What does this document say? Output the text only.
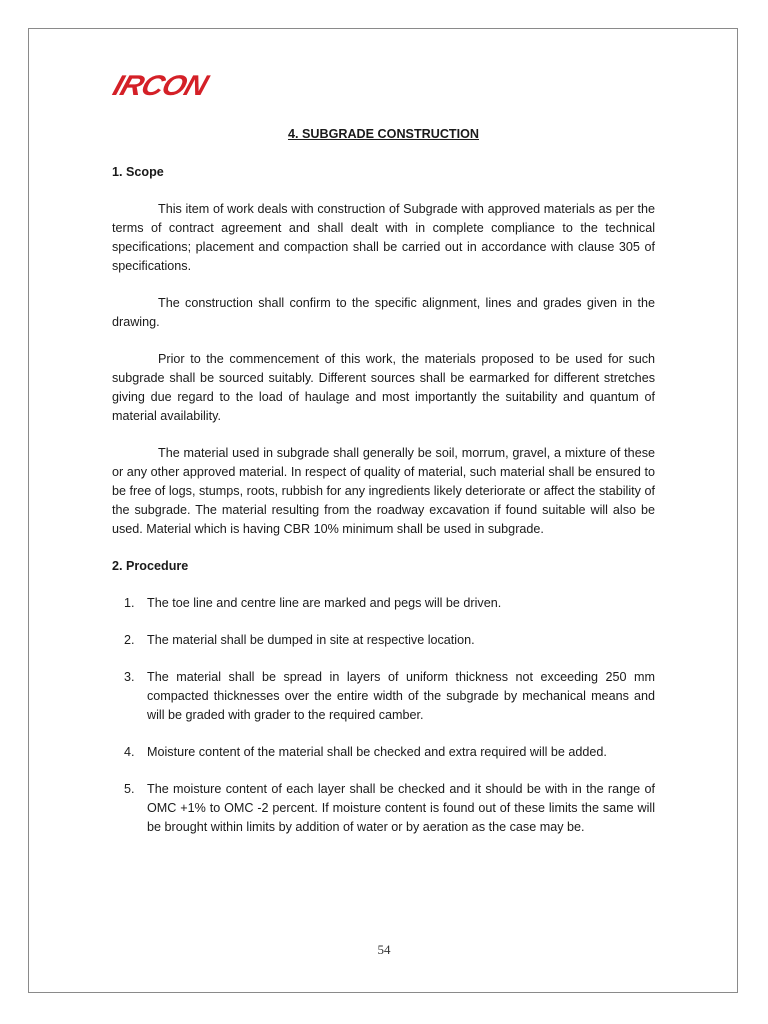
IRCON
4. SUBGRADE CONSTRUCTION
1. Scope

This item of work deals with construction of Subgrade with approved materials as per the terms of contract agreement and shall dealt with in complete compliance to the technical specifications; placement and compaction shall be carried out in accordance with clause 305 of specifications.

The construction shall confirm to the specific alignment, lines and grades given in the drawing.

Prior to the commencement of this work, the materials proposed to be used for such subgrade shall be sourced suitably. Different sources shall be earmarked for different stretches giving due regard to the load of haulage and most importantly the suitability and quantum of material availability.

The material used in subgrade shall generally be soil, morrum, gravel, a mixture of these or any other approved material. In respect of quality of material, such material shall be ensured to be free of logs, stumps, roots, rubbish for any ingredients likely deteriorate or affect the stability of the subgrade. The material resulting from the roadway excavation if found suitable will also be used. Material which is having CBR 10% minimum shall be used in subgrade.

2. Procedure
1. The toe line and centre line are marked and pegs will be driven.
2. The material shall be dumped in site at respective location.
3. The material shall be spread in layers of uniform thickness not exceeding 250 mm compacted thicknesses over the entire width of the subgrade by mechanical means and will be graded with grader to the required camber.
4. Moisture content of the material shall be checked and extra required will be added.
5. The moisture content of each layer shall be checked and it should be with in the range of OMC +1% to OMC -2 percent. If moisture content is found out of these limits the same will be brought within limits by addition of water or by aeration as the case may be.
54
